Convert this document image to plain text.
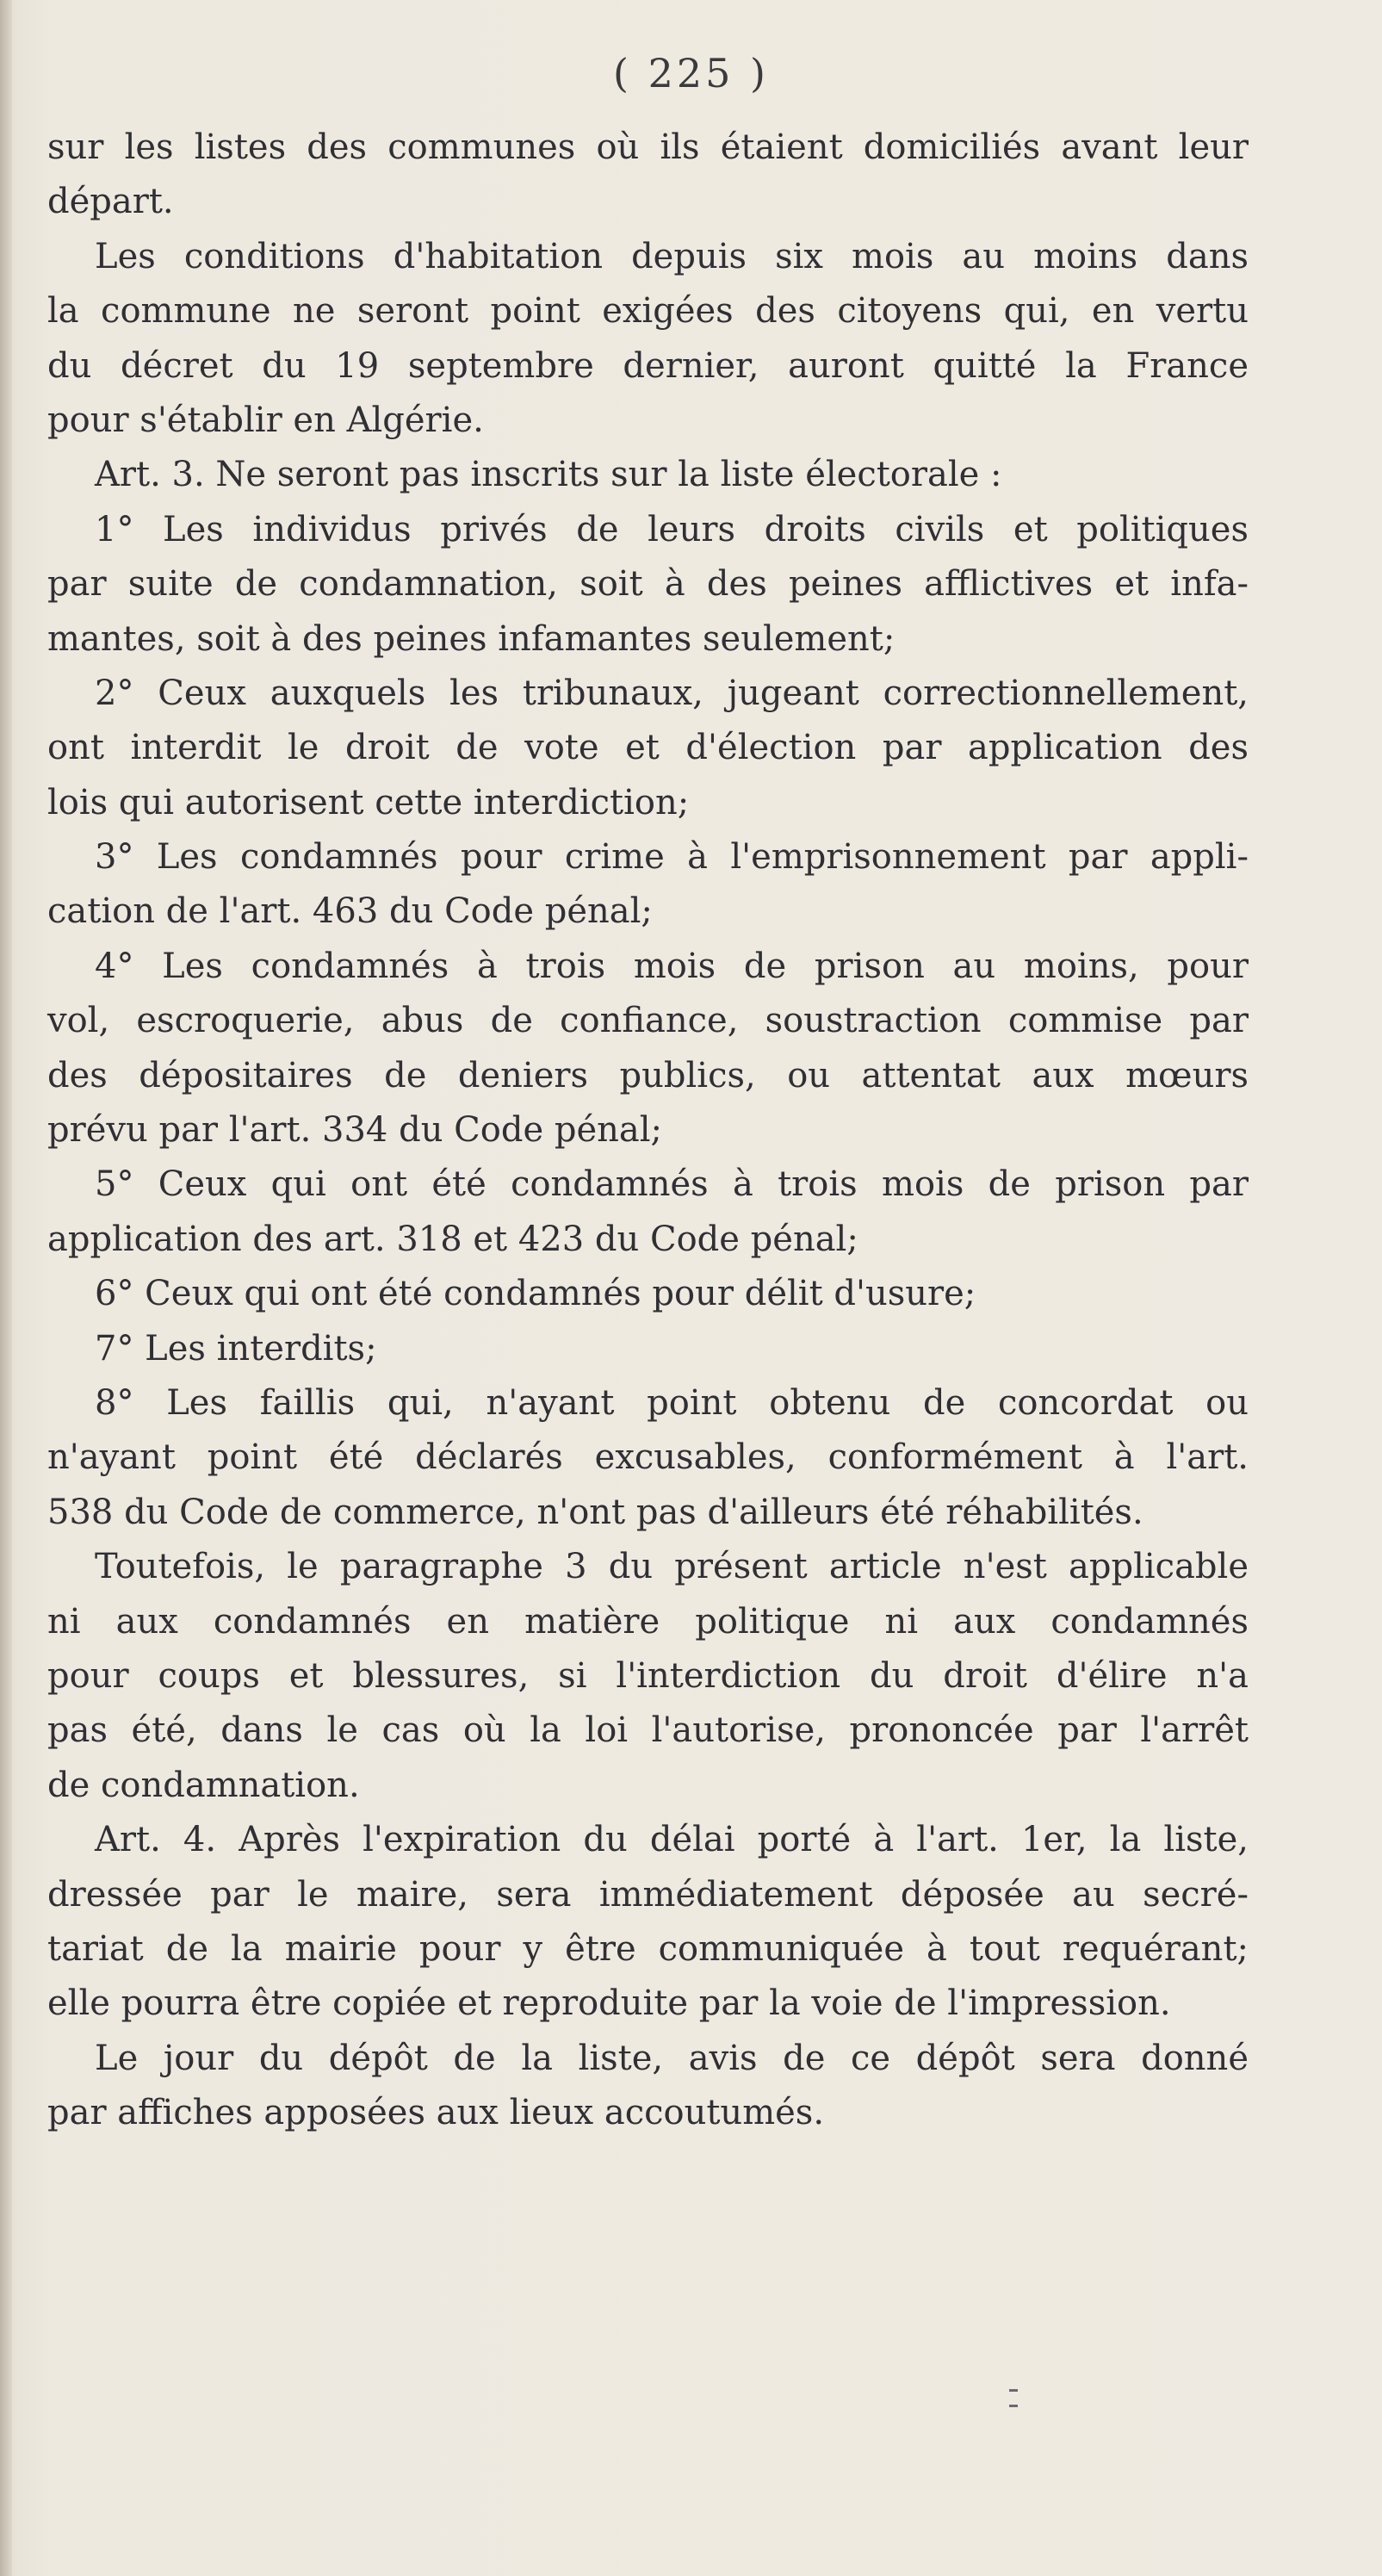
( 225 )
sur les listes des communes où ils étaient domiciliés avant leur
départ.
Les conditions d'habitation depuis six mois au moins dans
la commune ne seront point exigées des citoyens qui, en vertu
du décret du 19 septembre dernier, auront quitté la France
pour s'établir en Algérie.
Art. 3. Ne seront pas inscrits sur la liste électorale :
1° Les individus privés de leurs droits civils et politiques
par suite de condamnation, soit à des peines afflictives et infa-
mantes, soit à des peines infamantes seulement;
2° Ceux auxquels les tribunaux, jugeant correctionnellement,
ont interdit le droit de vote et d'élection par application des
lois qui autorisent cette interdiction;
3° Les condamnés pour crime à l'emprisonnement par appli-
cation de l'art. 463 du Code pénal;
4° Les condamnés à trois mois de prison au moins, pour
vol, escroquerie, abus de confiance, soustraction commise par
des dépositaires de deniers publics, ou attentat aux mœurs
prévu par l'art. 334 du Code pénal;
5° Ceux qui ont été condamnés à trois mois de prison par
application des art. 318 et 423 du Code pénal;
6° Ceux qui ont été condamnés pour délit d'usure;
7° Les interdits;
8° Les faillis qui, n'ayant point obtenu de concordat ou
n'ayant point été déclarés excusables, conformément à l'art.
538 du Code de commerce, n'ont pas d'ailleurs été réhabilités.
Toutefois, le paragraphe 3 du présent article n'est applicable
ni aux condamnés en matière politique ni aux condamnés
pour coups et blessures, si l'interdiction du droit d'élire n'a
pas été, dans le cas où la loi l'autorise, prononcée par l'arrêt
de condamnation.
Art. 4. Après l'expiration du délai porté à l'art. 1er, la liste,
dressée par le maire, sera immédiatement déposée au secré-
tariat de la mairie pour y être communiquée à tout requérant;
elle pourra être copiée et reproduite par la voie de l'impression.
Le jour du dépôt de la liste, avis de ce dépôt sera donné
par affiches apposées aux lieux accoutumés.
